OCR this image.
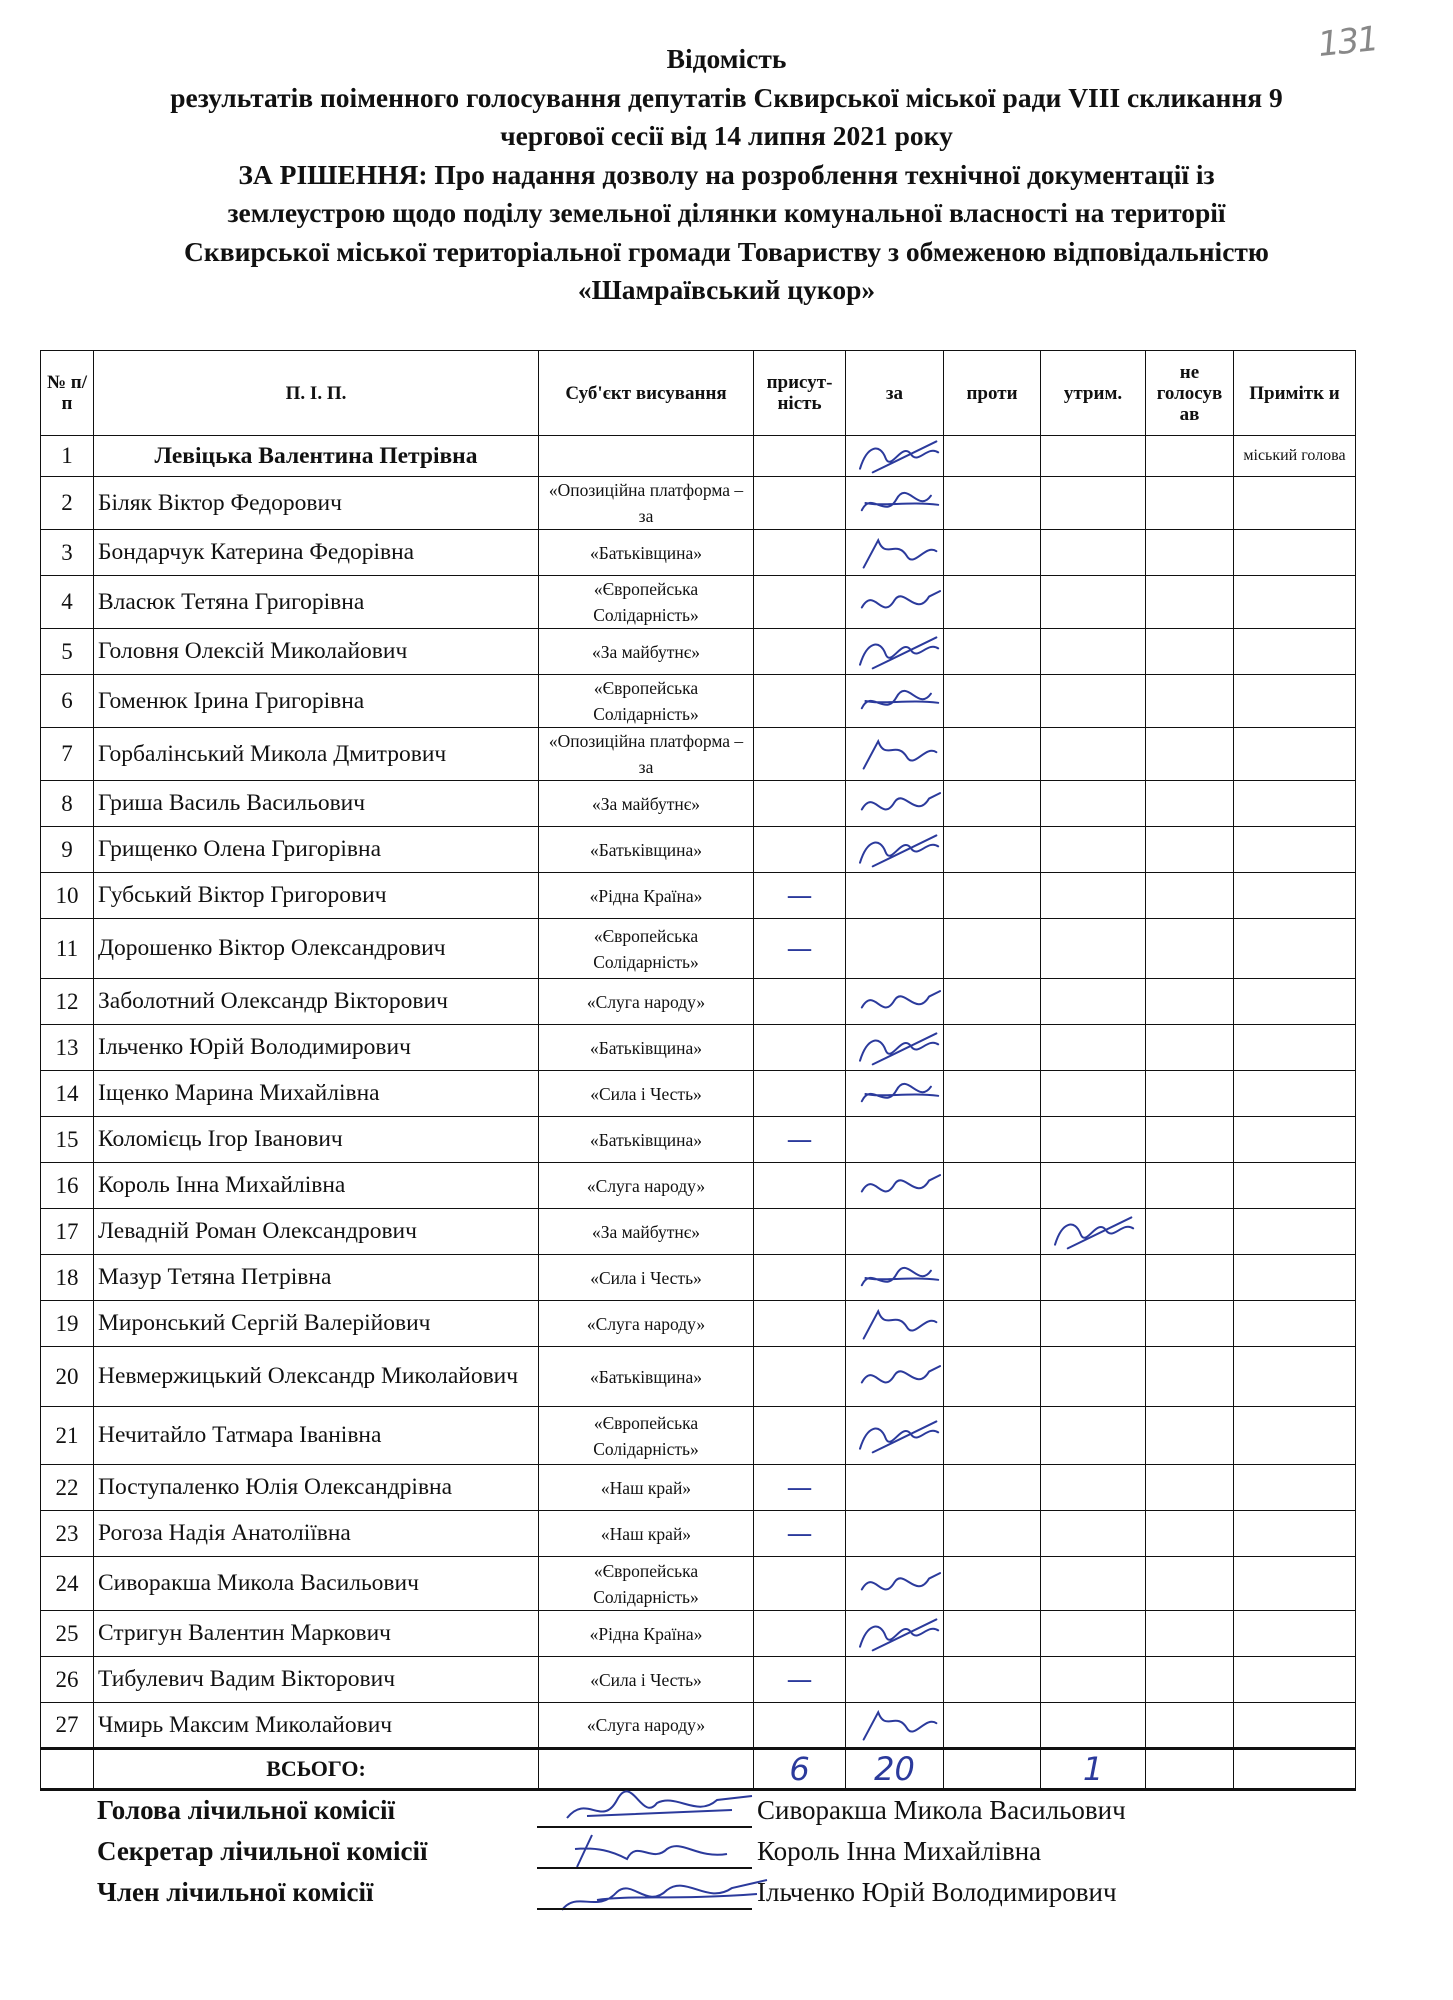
131
Відомість
результатів поіменного голосування депутатів Сквирської міської ради VIII скликання 9
чергової сесії від 14 липня 2021 року
ЗА РІШЕННЯ: Про надання дозволу на розроблення технічної документації із
землеустрою щодо поділу земельної ділянки комунальної власності на території
Сквирської міської територіальної громади Товариству з обмеженою відповідальністю
«Шамраївський цукор»
№ п/п	П. І. П.	Суб'єкт висування	присут-ність	за	проти	утрим.	не голосув ав	Примітк и
1	Левіцька Валентина Петрівна							міський голова
2	Біляк Віктор Федорович	«Опозиційна платформа – за		

3	Бондарчук Катерина Федорівна	«Батьківщина»		

4	Власюк Тетяна Григорівна	«Європейська Солідарність»		

5	Головня Олексій Миколайович	«За майбутнє»		

6	Гоменюк Ірина Григорівна	«Європейська Солідарність»		

7	Горбалінський Микола Дмитрович	«Опозиційна платформа – за		

8	Гриша Василь Васильович	«За майбутнє»		

9	Грищенко Олена Григорівна	«Батьківщина»		

10	Губський Віктор Григорович	«Рідна Країна»	—					
11	Дорошенко Віктор Олександрович	«Європейська Солідарність»	—					
12	Заболотний Олександр Вікторович	«Слуга народу»		

13	Ільченко Юрій Володимирович	«Батьківщина»		

14	Іщенко Марина Михайлівна	«Сила і Честь»		

15	Коломієць Ігор Іванович	«Батьківщина»	—					
16	Король Інна Михайлівна	«Слуга народу»		

17	Левадній Роман Олександрович	«За майбутнє»				

18	Мазур Тетяна Петрівна	«Сила і Честь»		

19	Миронський Сергій Валерійович	«Слуга народу»		

20	Невмержицький Олександр Миколайович	«Батьківщина»		

21	Нечитайло Татмара Іванівна	«Європейська Солідарність»		

22	Поступаленко Юлія Олександрівна	«Наш край»	—					
23	Рогоза Надія Анатоліївна	«Наш край»	—					
24	Сиворакша Микола Васильович	«Європейська Солідарність»		

25	Стригун Валентин Маркович	«Рідна Країна»		

26	Тибулевич Вадим Вікторович	«Сила і Честь»	—					
27	Чмирь Максим Миколайович	«Слуга народу»		

	ВСЬОГО:		6	20		1		
Голова лічильної комісії	Сиворакша Микола Васильович
Секретар лічильної комісії	Король Інна Михайлівна
Член лічильної комісії	Ільченко Юрій Володимирович
